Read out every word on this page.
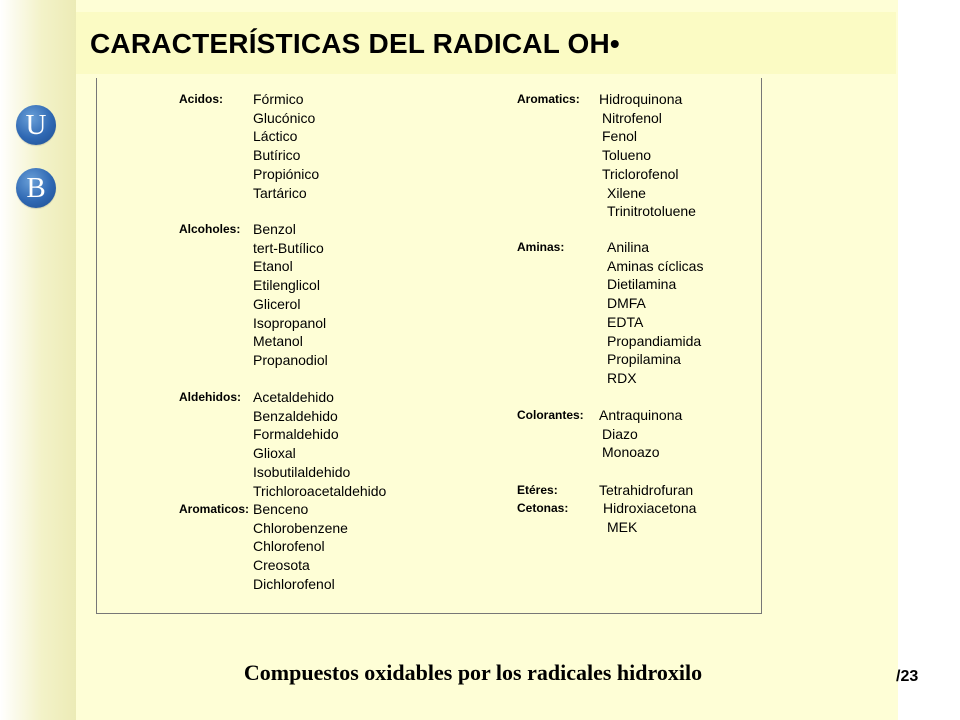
CARACTERÍSTICAS DEL RADICAL OH•
U
B
Acidos: Fórmico
Glucónico
Láctico
Butírico
Propiónico
Tartárico
Alcoholes: Benzol
tert-Butílico
Etanol
Etilenglicol
Glicerol
Isopropanol
Metanol
Propanodiol
Aldehidos: Acetaldehido
Benzaldehido
Formaldehido
Glioxal
Isobutilaldehido
Trichloroacetaldehido
Aromaticos: Benceno
Chlorobenzene
Chlorofenol
Creosota
Dichlorofenol
Aromatics: Hidroquinona
Nitrofenol
Fenol
Tolueno
Triclorofenol
Xilene
Trinitrotoluene
Aminas:	Anilina
Aminas cíclicas
Dietilamina
DMFA
EDTA
Propandiamida
Propilamina
RDX
Colorantes: Antraquinona
Diazo
Monoazo
Etéres:	Tetrahidrofuran
Cetonas: Hidroxiacetona
MEK
Compuestos oxidables por los radicales hidroxilo	/23
